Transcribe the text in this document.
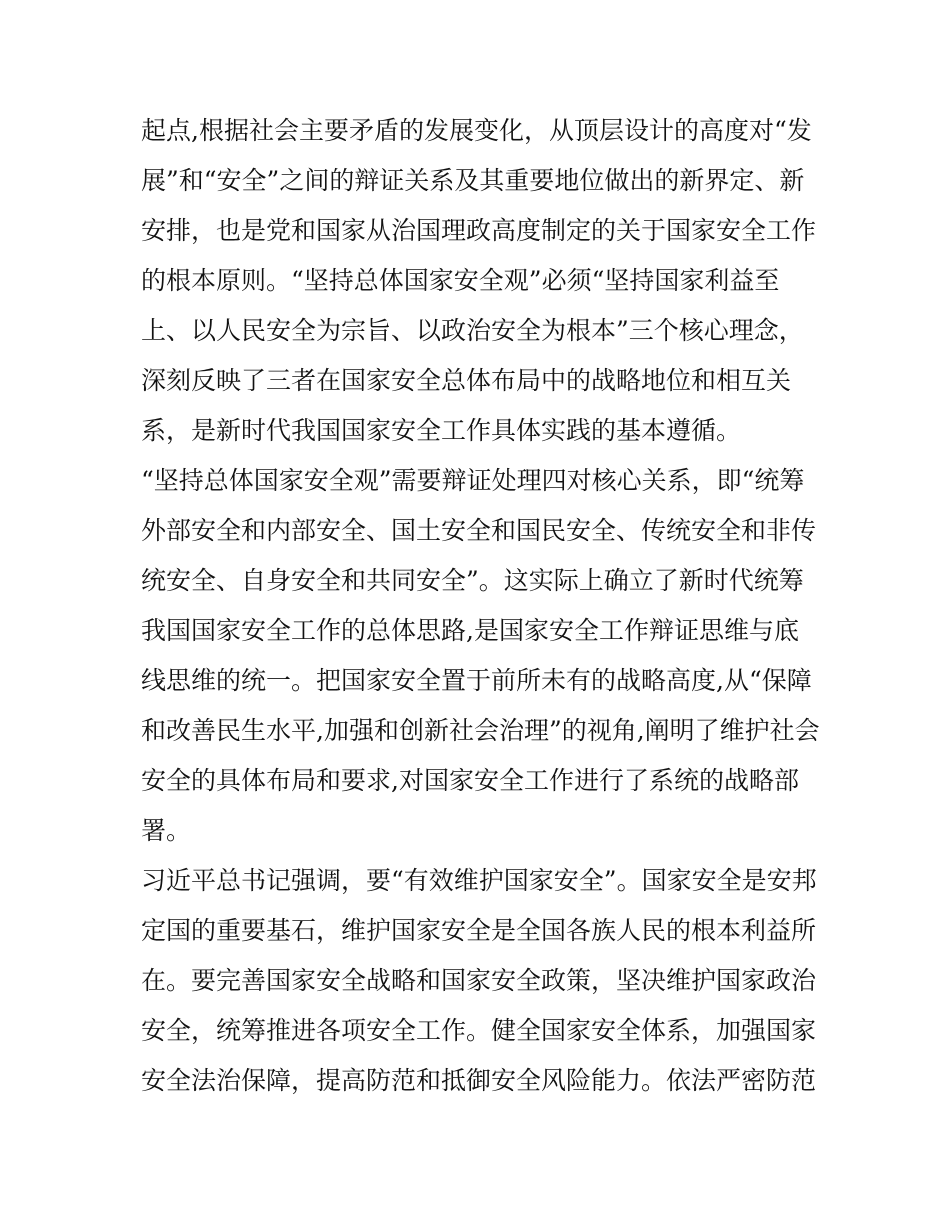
起点,根据社会主要矛盾的发展变化，从顶层设计的高度对“发
展”和“安全”之间的辩证关系及其重要地位做出的新界定、新
安排，也是党和国家从治国理政高度制定的关于国家安全工作
的根本原则。“坚持总体国家安全观”必须“坚持国家利益至
上、以人民安全为宗旨、以政治安全为根本”三个核心理念，
深刻反映了三者在国家安全总体布局中的战略地位和相互关
系，是新时代我国国家安全工作具体实践的基本遵循。
“坚持总体国家安全观”需要辩证处理四对核心关系，即“统筹
外部安全和内部安全、国土安全和国民安全、传统安全和非传
统安全、自身安全和共同安全”。这实际上确立了新时代统筹
我国国家安全工作的总体思路,是国家安全工作辩证思维与底
线思维的统一。把国家安全置于前所未有的战略高度,从“保障
和改善民生水平,加强和创新社会治理”的视角,阐明了维护社会
安全的具体布局和要求,对国家安全工作进行了系统的战略部
署。
习近平总书记强调，要“有效维护国家安全”。国家安全是安邦
定国的重要基石，维护国家安全是全国各族人民的根本利益所
在。要完善国家安全战略和国家安全政策，坚决维护国家政治
安全，统筹推进各项安全工作。健全国家安全体系，加强国家
安全法治保障，提高防范和抵御安全风险能力。依法严密防范
